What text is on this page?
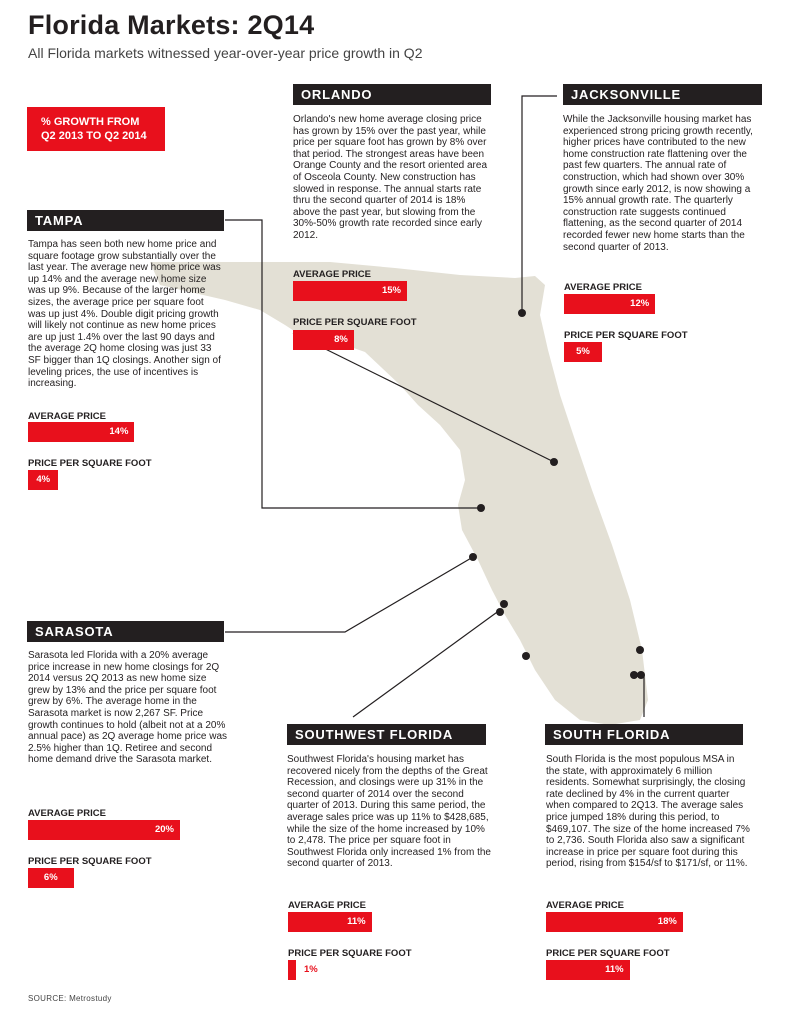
Florida Markets: 2Q14
All Florida markets witnessed year-over-year price growth in Q2
% GROWTH FROM
Q2 2013 TO Q2 2014
TAMPA

Tampa has seen both new home price and square footage grow substantially over the last year. The average new home price was up 14% and the average new home size was up 9%. Because of the larger home sizes, the average price per square foot was up just 4%. Double digit pricing growth will likely not continue as new home prices are up just 1.4% over the last 90 days and the average 2Q home closing was just 33 SF bigger than 1Q closings. Another sign of leveling prices, the use of incentives is increasing.

AVERAGE PRICE
14%
PRICE PER SQUARE FOOT
4%
SARASOTA

Sarasota led Florida with a 20% average price increase in new home closings for 2Q 2014 versus 2Q 2013 as new home size grew by 13% and the price per square foot grew by 6%. The average home in the Sarasota market is now 2,267 SF. Price growth continues to hold (albeit not at a 20% annual pace) as 2Q average home price was 2.5% higher than 1Q. Retiree and second home demand drive the Sarasota market.

AVERAGE PRICE
20%
PRICE PER SQUARE FOOT
6%
ORLANDO

Orlando's new home average closing price has grown by 15% over the past year, while price per square foot has grown by 8% over that period. The strongest areas have been Orange County and the resort oriented area of Osceola County. New construction has slowed in response. The annual starts rate thru the second quarter of 2014 is 18% above the past year, but slowing from the 30%-50% growth rate recorded since early 2012.

AVERAGE PRICE
15%
PRICE PER SQUARE FOOT
8%
JACKSONVILLE

While the Jacksonville housing market has experienced strong pricing growth recently, higher prices have contributed to the new home construction rate flattening over the past few quarters. The annual rate of construction, which had shown over 30% growth since early 2012, is now showing a 15% annual growth rate. The quarterly construction rate suggests continued flattening, as the second quarter of 2014 recorded fewer new home starts than the second quarter of 2013.

AVERAGE PRICE
12%
PRICE PER SQUARE FOOT
5%
SOUTHWEST FLORIDA

Southwest Florida's housing market has recovered nicely from the depths of the Great Recession, and closings were up 31% in the second quarter of 2014 over the second quarter of 2013. During this same period, the average sales price was up 11% to $428,685, while the size of the home increased by 10% to 2,478. The price per square foot in Southwest Florida only increased 1% from the second quarter of 2013.

AVERAGE PRICE
11%
PRICE PER SQUARE FOOT
1%
SOUTH FLORIDA

South Florida is the most populous MSA in the state, with approximately 6 million residents. Somewhat surprisingly, the closing rate declined by 4% in the current quarter when compared to 2Q13. The average sales price jumped 18% during this period, to $469,107. The size of the home increased 7% to 2,736. South Florida also saw a significant increase in price per square foot during this period, rising from $154/sf to $171/sf, or 11%.

AVERAGE PRICE
18%
PRICE PER SQUARE FOOT
11%
SOURCE: Metrostudy
